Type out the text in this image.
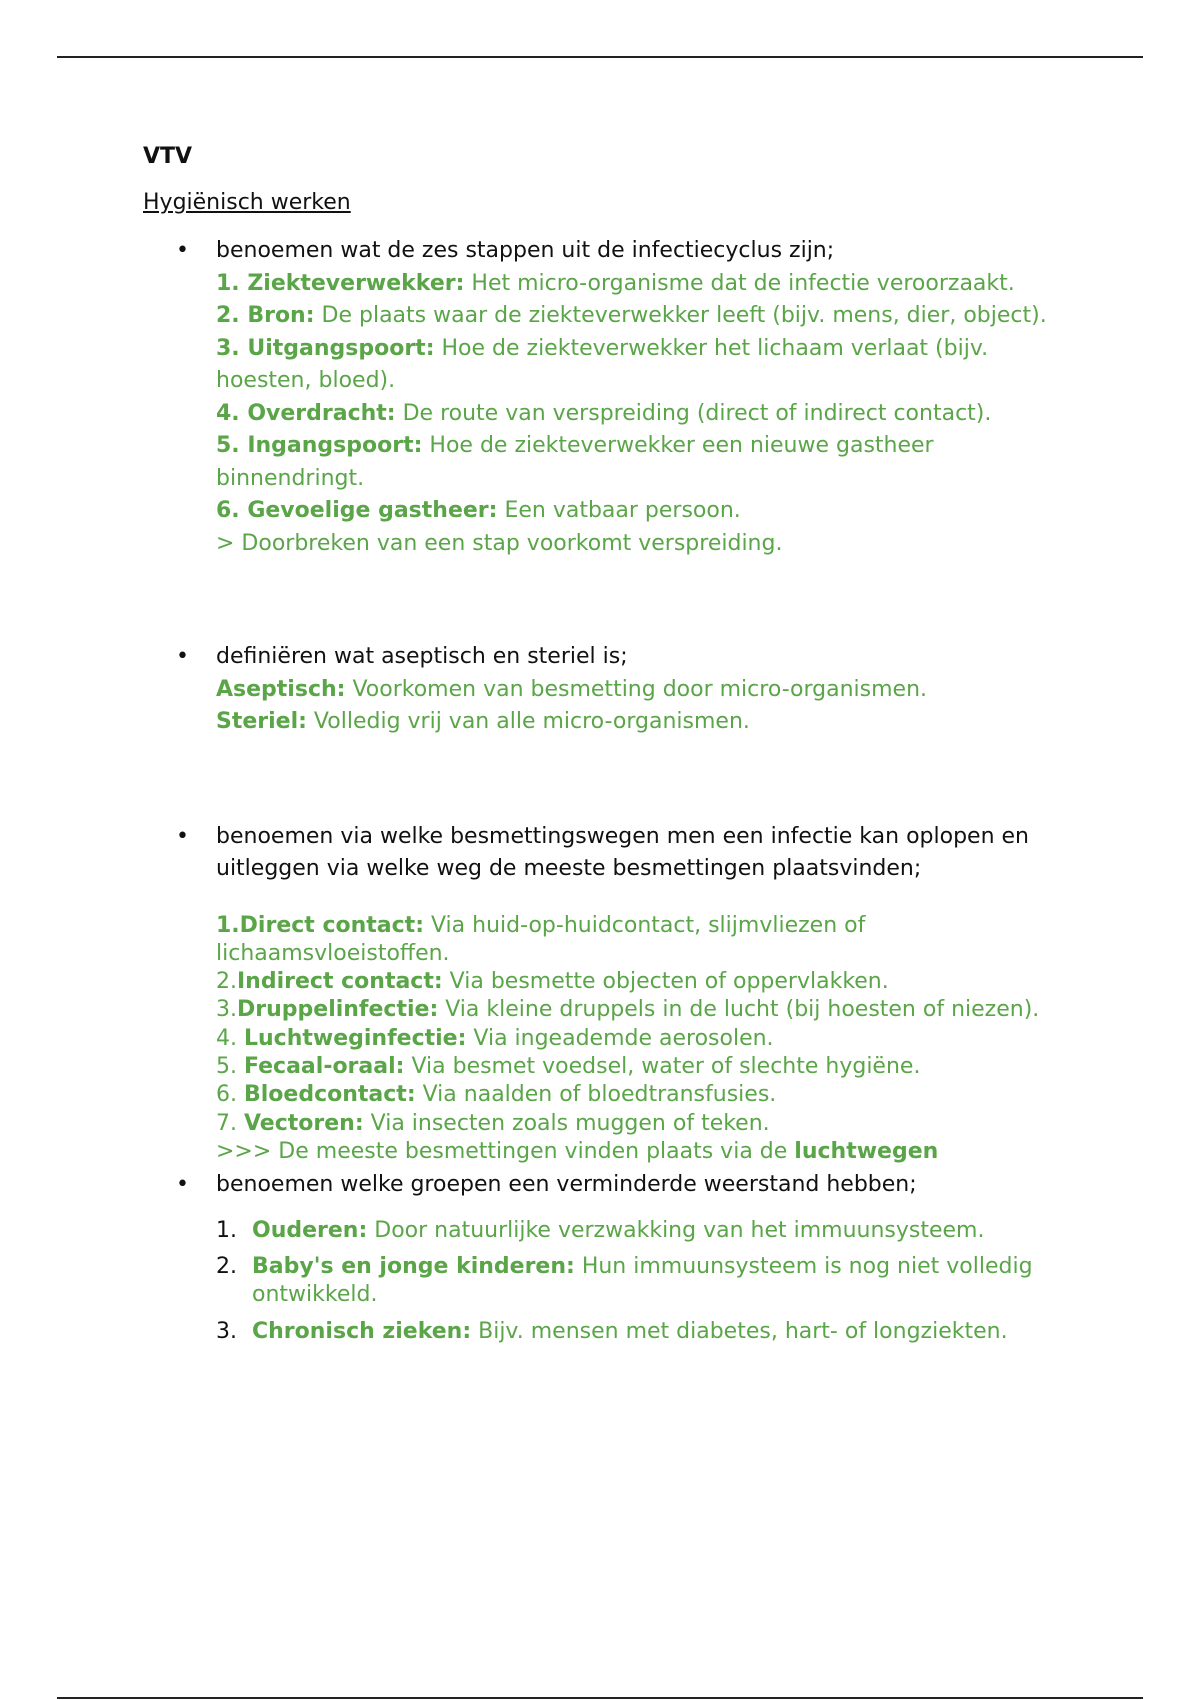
VTV
Hygiënisch werken
• benoemen wat de zes stappen uit de infectiecyclus zijn;
1. Ziekteverwekker: Het micro-organisme dat de infectie veroorzaakt.
2. Bron: De plaats waar de ziekteverwekker leeft (bijv. mens, dier, object).
3. Uitgangspoort: Hoe de ziekteverwekker het lichaam verlaat (bijv. hoesten, bloed).
4. Overdracht: De route van verspreiding (direct of indirect contact).
5. Ingangspoort: Hoe de ziekteverwekker een nieuwe gastheer binnendringt.
6. Gevoelige gastheer: Een vatbaar persoon.
> Doorbreken van een stap voorkomt verspreiding.
• definiëren wat aseptisch en steriel is;
Aseptisch: Voorkomen van besmetting door micro-organismen.
Steriel: Volledig vrij van alle micro-organismen.
• benoemen via welke besmettingswegen men een infectie kan oplopen en uitleggen via welke weg de meeste besmettingen plaatsvinden;
1.Direct contact: Via huid-op-huidcontact, slijmvliezen of lichaamsvloeistoffen.
2.Indirect contact: Via besmette objecten of oppervlakken.
3.Druppelinfectie: Via kleine druppels in de lucht (bij hoesten of niezen).
4. Luchtweginfectie: Via ingeademde aerosolen.
5. Fecaal-oraal: Via besmet voedsel, water of slechte hygiëne.
6. Bloedcontact: Via naalden of bloedtransfusies.
7. Vectoren: Via insecten zoals muggen of teken.
>>> De meeste besmettingen vinden plaats via de luchtwegen
• benoemen welke groepen een verminderde weerstand hebben;
1. Ouderen: Door natuurlijke verzwakking van het immuunsysteem.
2. Baby's en jonge kinderen: Hun immuunsysteem is nog niet volledig ontwikkeld.
3. Chronisch zieken: Bijv. mensen met diabetes, hart- of longziekten.
